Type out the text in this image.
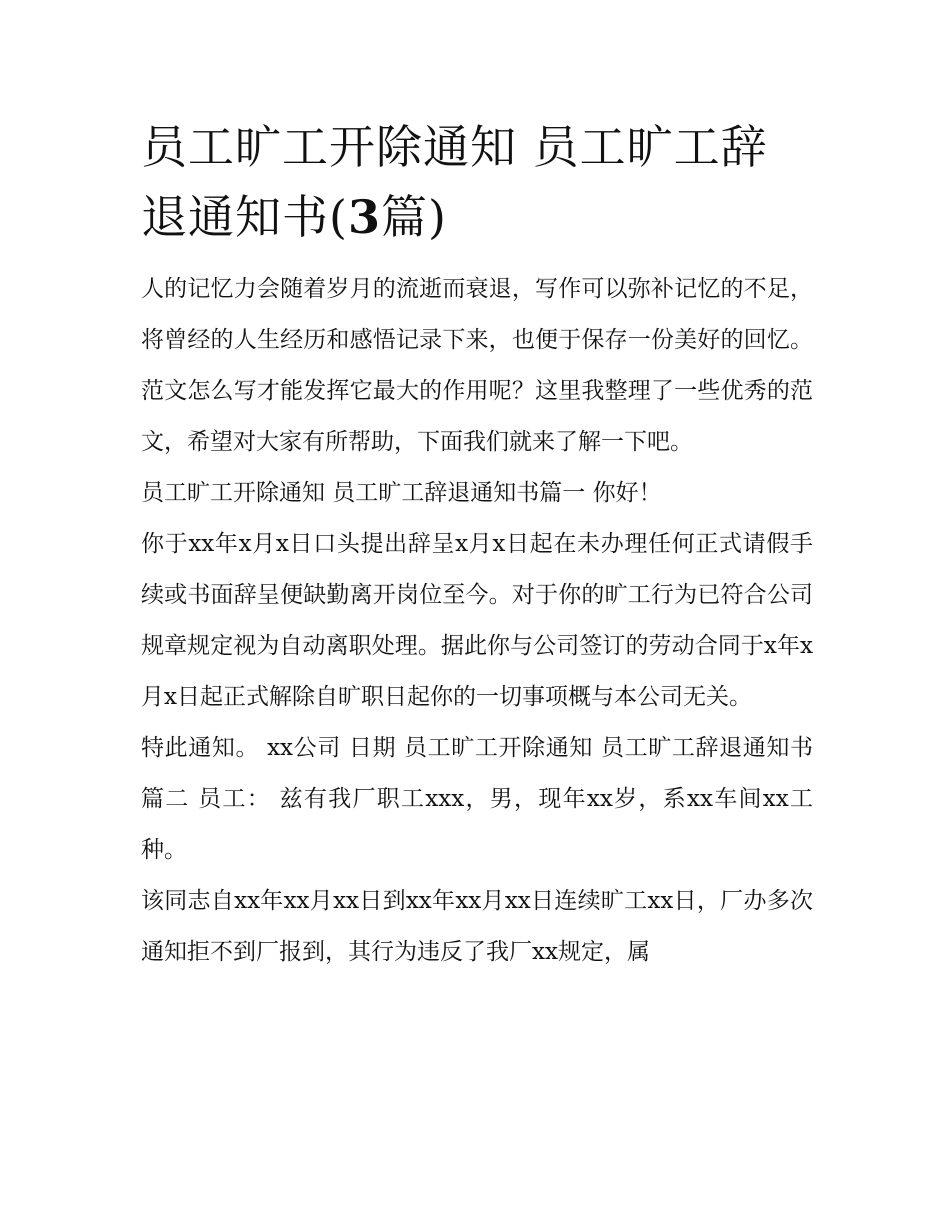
员工旷工开除通知 员工旷工辞退通知书(3篇)

人的记忆力会随着岁月的流逝而衰退，写作可以弥补记忆的不足，将曾经的人生经历和感悟记录下来，也便于保存一份美好的回忆。范文怎么写才能发挥它最大的作用呢？这里我整理了一些优秀的范文，希望对大家有所帮助，下面我们就来了解一下吧。

员工旷工开除通知 员工旷工辞退通知书篇一 你好！

你于xx年x月x日口头提出辞呈x月x日起在未办理任何正式请假手续或书面辞呈便缺勤离开岗位至今。对于你的旷工行为已符合公司规章规定视为自动离职处理。据此你与公司签订的劳动合同于x年x月x日起正式解除自旷职日起你的一切事项概与本公司无关。

特此通知。 xx公司 日期 员工旷工开除通知 员工旷工辞退通知书篇二 员工： 兹有我厂职工xxx，男，现年xx岁，系xx车间xx工种。

该同志自xx年xx月xx日到xx年xx月xx日连续旷工xx日，厂办多次通知拒不到厂报到，其行为违反了我厂xx规定，属
